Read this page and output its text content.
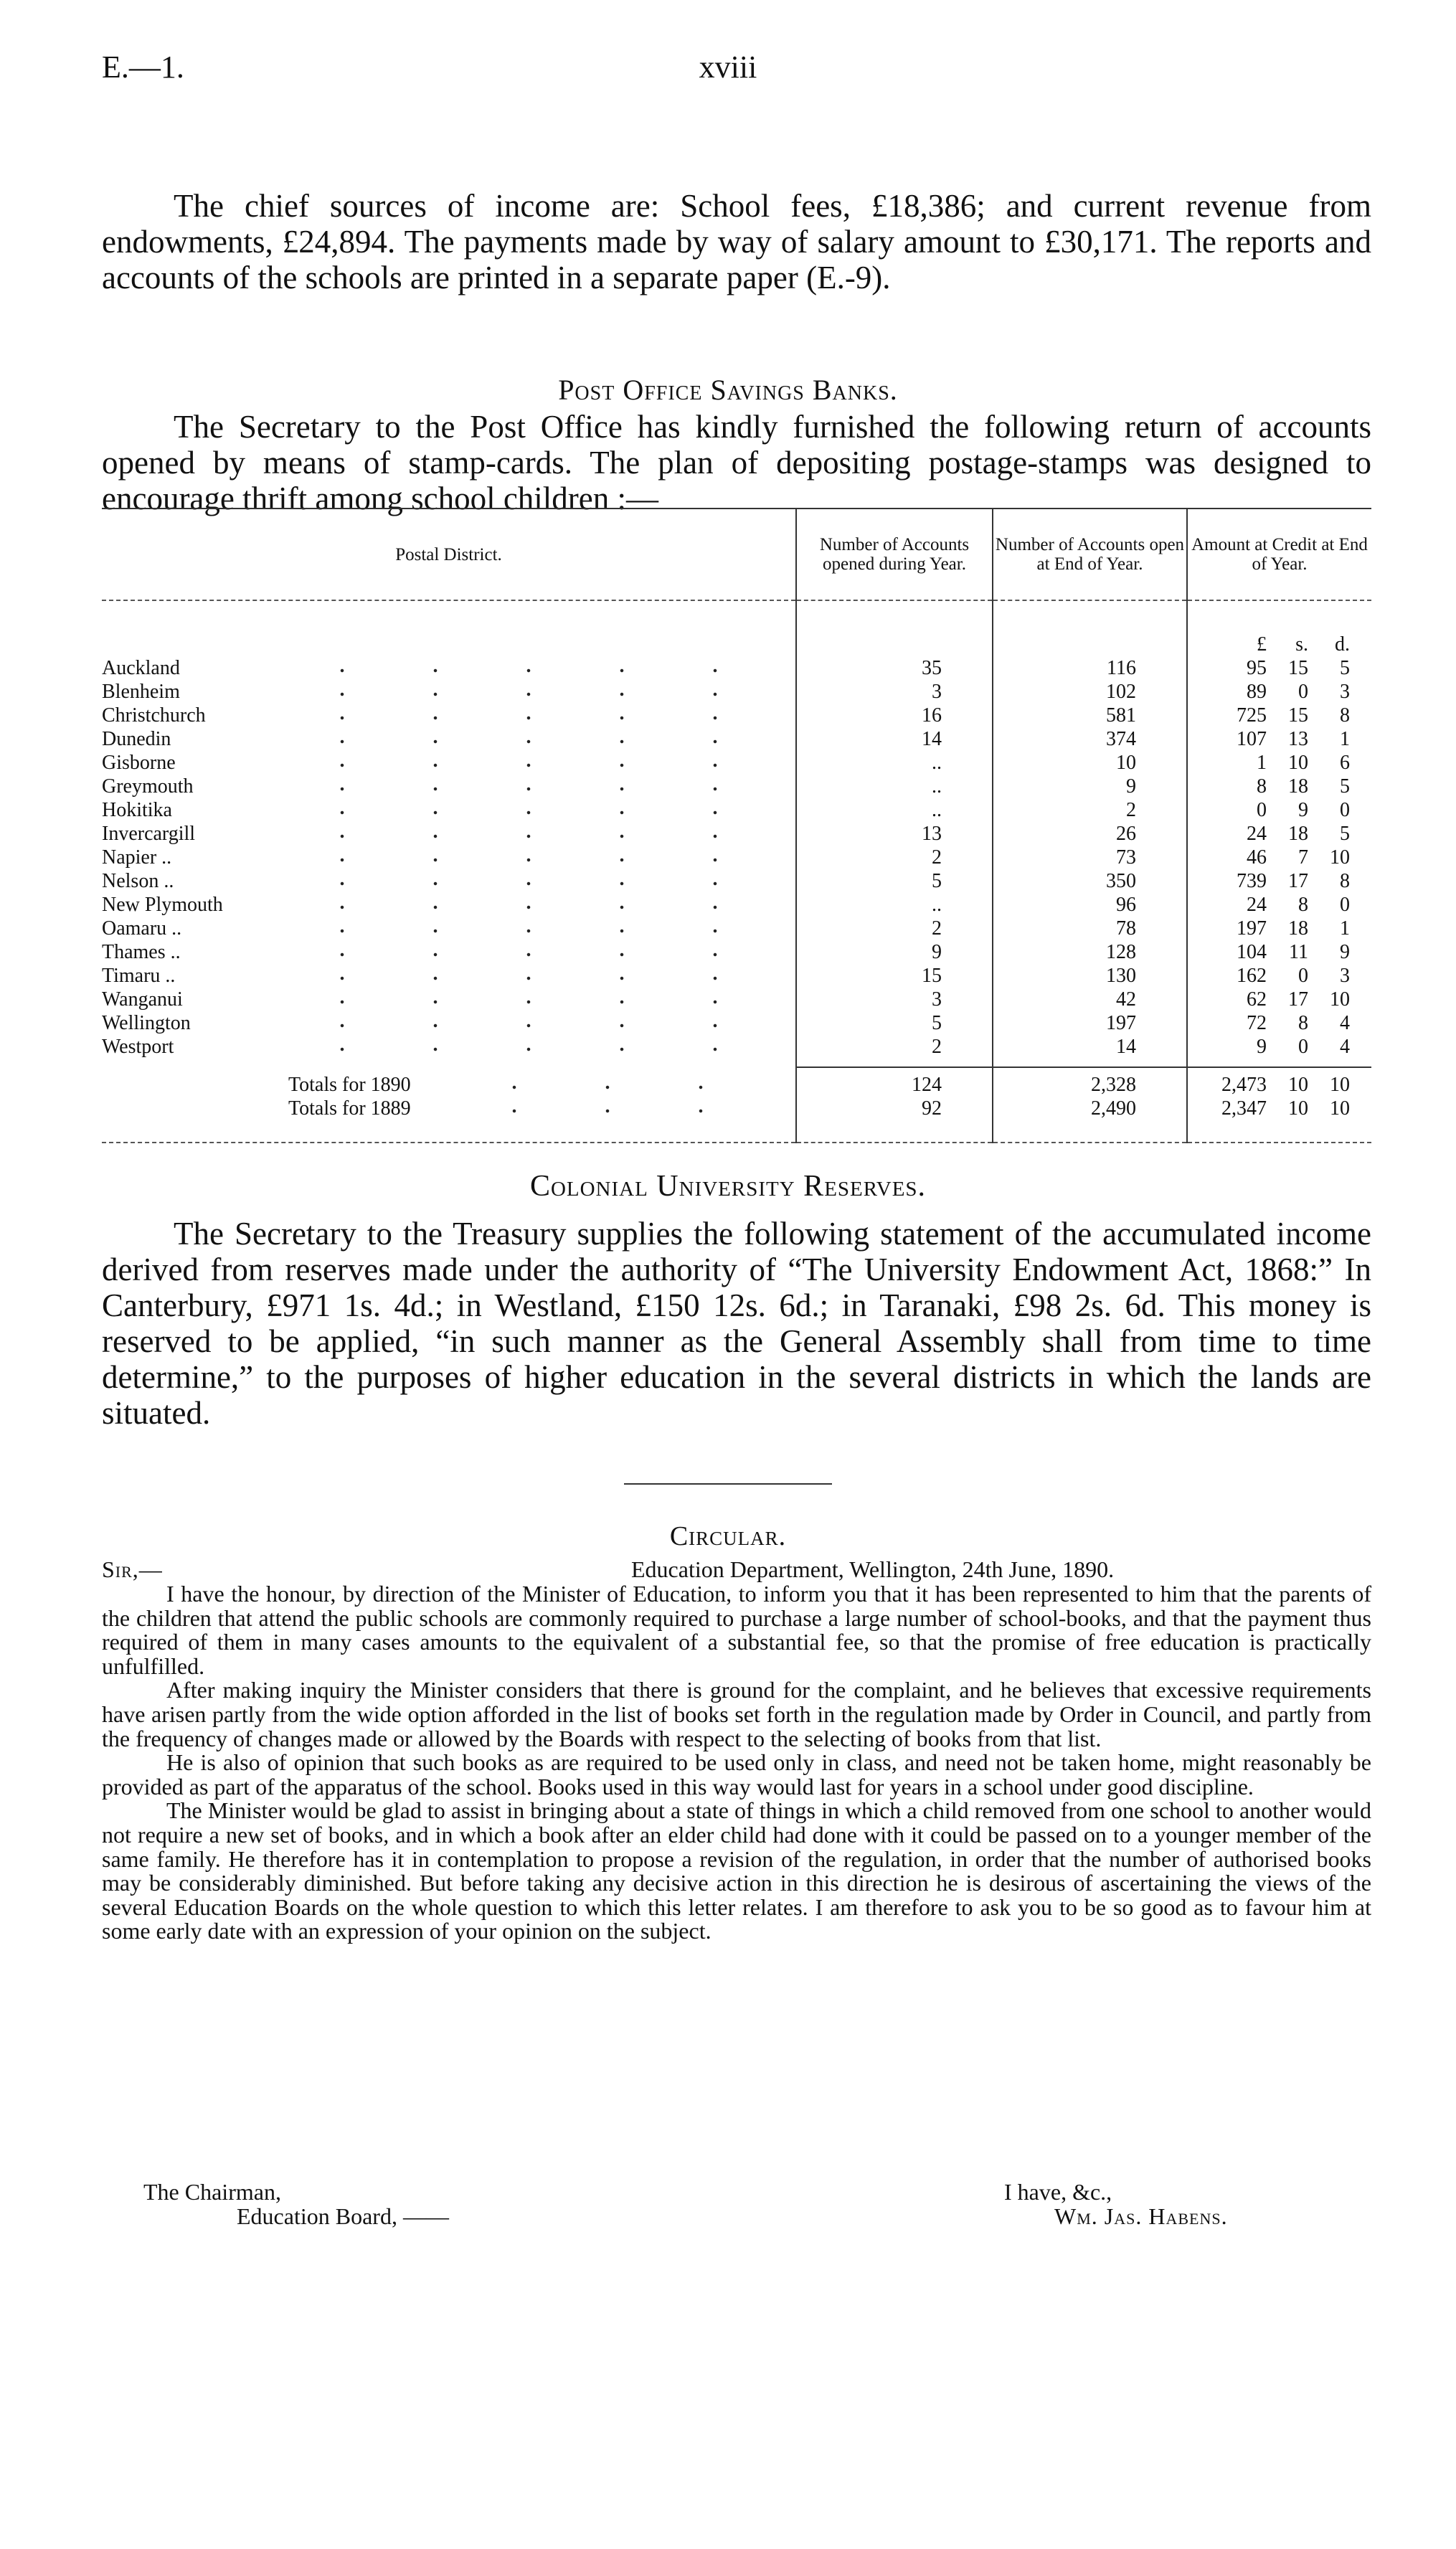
E.—1.	xviii

The chief sources of income are: School fees, £18,386; and current revenue from endowments, £24,894. The payments made by way of salary amount to £30,171. The reports and accounts of the schools are printed in a separate paper (E.-9).

Post Office Savings Banks.

The Secretary to the Post Office has kindly furnished the following return of accounts opened by means of stamp-cards. The plan of depositing postage-stamps was designed to encourage thrift among school children :—

Postal District.	Number of Accounts opened during Year.	Number of Accounts open at End of Year.	Amount at Credit at End of Year.
			£ s. d.

Auckland	35	116	95 15 5

Blenheim	3	102	89 0 3

Christchurch	16	581	725 15 8

Dunedin	14	374	107 13 1

Gisborne	..	10	1 10 6

Greymouth	..	9	8 18 5

Hokitika	..	2	0 9 0

Invercargill	13	26	24 18 5

Napier ..	2	73	46 7 10

Nelson ..	5	350	739 17 8

New Plymouth	..	96	24 8 0

Oamaru ..	2	78	197 18 1

Thames ..	9	128	104 11 9

Timaru ..	15	130	162 0 3

Wanganui	3	42	62 17 10

Wellington	5	197	72 8 4

Westport	2	14	9 0 4

Totals for 1890	124	2,328	2,473 10 10

Totals for 1889	92	2,490	2,347 10 10

Colonial University Reserves.

The Secretary to the Treasury supplies the following statement of the accumulated income derived from reserves made under the authority of “The University Endowment Act, 1868:” In Canterbury, £971 1s. 4d.; in Westland, £150 12s. 6d.; in Taranaki, £98 2s. 6d. This money is reserved to be applied, “in such manner as the General Assembly shall from time to time determine,” to the purposes of higher education in the several districts in which the lands are situated.

Circular.
Sir,—	Education Department, Wellington, 24th June, 1890.

I have the honour, by direction of the Minister of Education, to inform you that it has been represented to him that the parents of the children that attend the public schools are commonly required to purchase a large number of school-books, and that the payment thus required of them in many cases amounts to the equivalent of a substantial fee, so that the promise of free education is practically unfulfilled.

After making inquiry the Minister considers that there is ground for the complaint, and he believes that excessive requirements have arisen partly from the wide option afforded in the list of books set forth in the regulation made by Order in Council, and partly from the frequency of changes made or allowed by the Boards with respect to the selecting of books from that list.

He is also of opinion that such books as are required to be used only in class, and need not be taken home, might reasonably be provided as part of the apparatus of the school. Books used in this way would last for years in a school under good discipline.

The Minister would be glad to assist in bringing about a state of things in which a child removed from one school to another would not require a new set of books, and in which a book after an elder child had done with it could be passed on to a younger member of the same family. He therefore has it in contemplation to propose a revision of the regulation, in order that the number of authorised books may be considerably diminished. But before taking any decisive action in this direction he is desirous of ascertaining the views of the several Education Boards on the whole question to which this letter relates. I am therefore to ask you to be so good as to favour him at some early date with an expression of your opinion on the subject.

The Chairman,
Education Board, ——
I have, &c.,
Wm. Jas. Habens.
